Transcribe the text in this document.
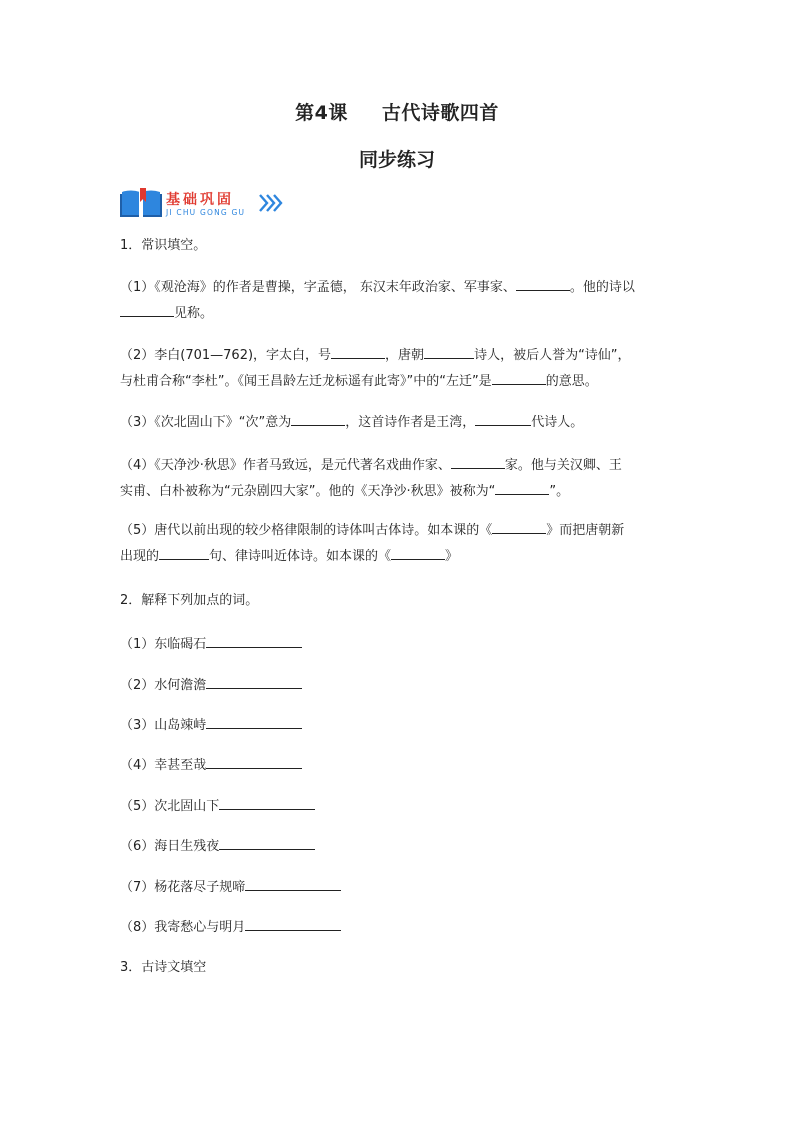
第4课 古代诗歌四首
同步练习
基础巩固
JI CHU GONG GU
1．常识填空。
（1）《观沧海》的作者是曹操，字孟德， 东汉末年政治家、军事家、	。他的诗以
见称。
（2）李白(701—762)，字太白，号	，唐朝	诗人，被后人誉为“诗仙”，
与杜甫合称“李杜”。《闻王昌龄左迁龙标遥有此寄》”中的“左迁”是	的意思。
（3）《次北固山下》“次”意为	，这首诗作者是王湾，	代诗人。
（4）《天净沙·秋思》作者马致远，是元代著名戏曲作家、	家。他与关汉卿、王
实甫、白朴被称为“元杂剧四大家”。他的《天净沙·秋思》被称为“	”。
（5）唐代以前出现的较少格律限制的诗体叫古体诗。如本课的《	》而把唐朝新
出现的	句、律诗叫近体诗。如本课的《	》
2．解释下列加点的词。
（1）东临碣石
（2）水何澹澹
（3）山岛竦峙
（4）幸甚至哉
（5）次北固山下
（6）海日生残夜
（7）杨花落尽子规啼
（8）我寄愁心与明月
3．古诗文填空
